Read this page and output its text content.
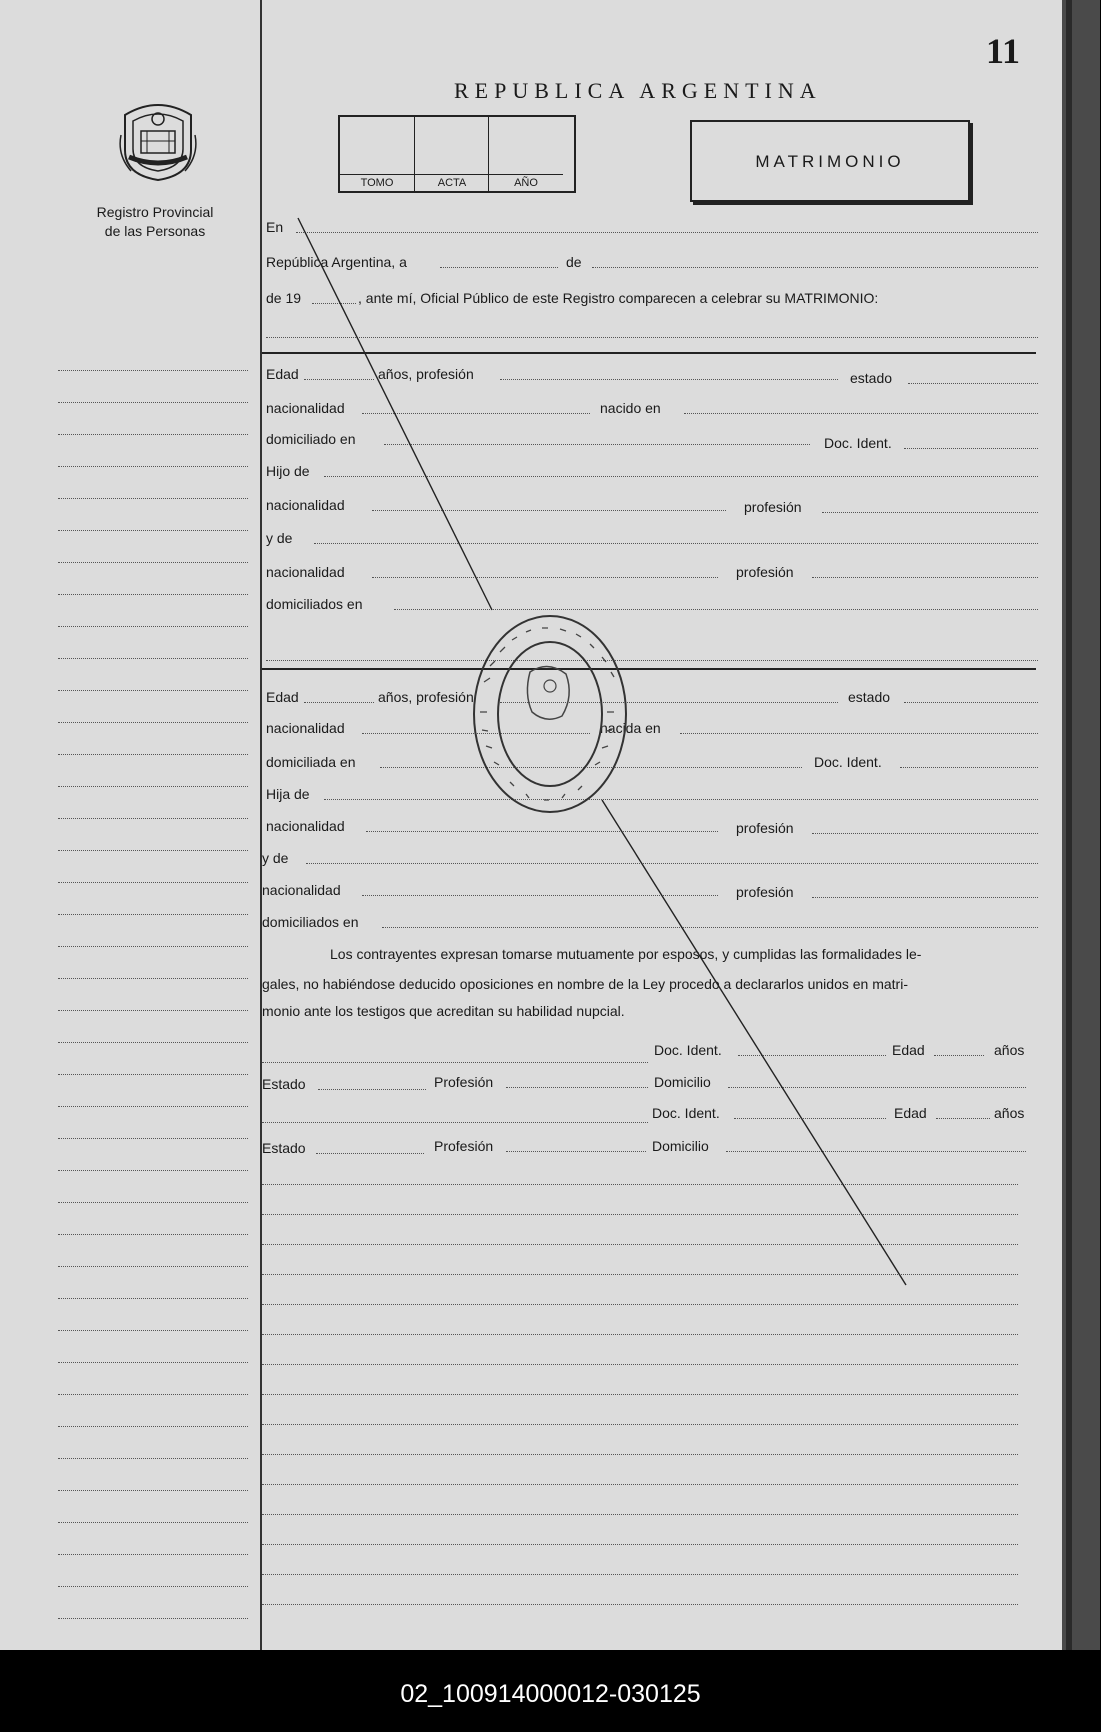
11
REPUBLICA ARGENTINA
TOMO	ACTA	AÑO
MATRIMONIO
Registro Provincial
de las Personas	En
República Argentina, a	de
de 19	, ante mí, Oficial Público de este Registro comparecen a celebrar su MATRIMONIO:
Edad	años, profesión	estado
nacionalidad	nacido en
domiciliado en	Doc. Ident.
Hijo de
nacionalidad	profesión
y de
nacionalidad	profesión
domiciliados en
Edad	años, profesión	estado
nacionalidad	nacida en
domiciliada en	Doc. Ident.
Hija de
nacionalidad	profesión
y de
nacionalidad	profesión
domiciliados en
Los contrayentes expresan tomarse mutuamente por esposos, y cumplidas las formalidades le-
gales, no habiéndose deducido oposiciones en nombre de la Ley procedo a declararlos unidos en matri-
monio ante los testigos que acreditan su habilidad nupcial.
Doc. Ident.	Edad	años
Estado	Profesión	Domicilio
Doc. Ident.	Edad	años
Estado	Profesión	Domicilio
02_100914000012-030125
